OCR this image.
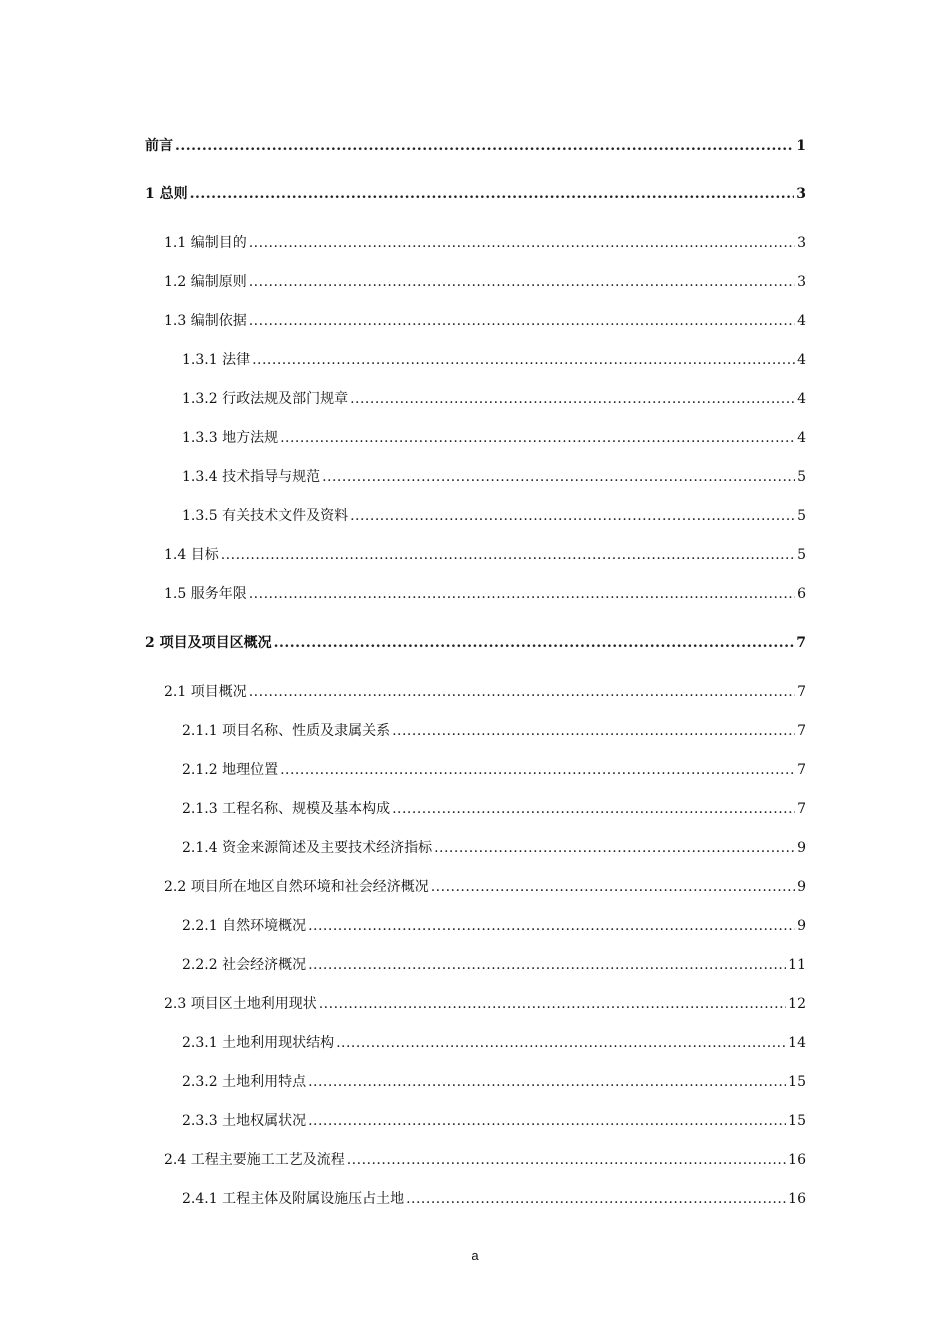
前言 .....	1
1 总则 .....	3
1.1 编制目的 .....	3
1.2 编制原则 .....	3
1.3 编制依据 .....	4
1.3.1 法律 .....	4
1.3.2 行政法规及部门规章 .....	4
1.3.3 地方法规 .....	4
1.3.4 技术指导与规范 .....	5
1.3.5 有关技术文件及资料 .....	5
1.4 目标 .....	5
1.5 服务年限 .....	6
2 项目及项目区概况 .....	7
2.1 项目概况 .....	7
2.1.1 项目名称、性质及隶属关系 .....	7
2.1.2 地理位置 .....	7
2.1.3 工程名称、规模及基本构成 .....	7
2.1.4 资金来源简述及主要技术经济指标 .....	9
2.2 项目所在地区自然环境和社会经济概况 .....	9
2.2.1 自然环境概况 .....	9
2.2.2 社会经济概况 .....	11
2.3 项目区土地利用现状 .....	12
2.3.1 土地利用现状结构 .....	14
2.3.2 土地利用特点 .....	15
2.3.3 土地权属状况 .....	15
2.4 工程主要施工工艺及流程 .....	16
2.4.1 工程主体及附属设施压占土地 .....	16
a
